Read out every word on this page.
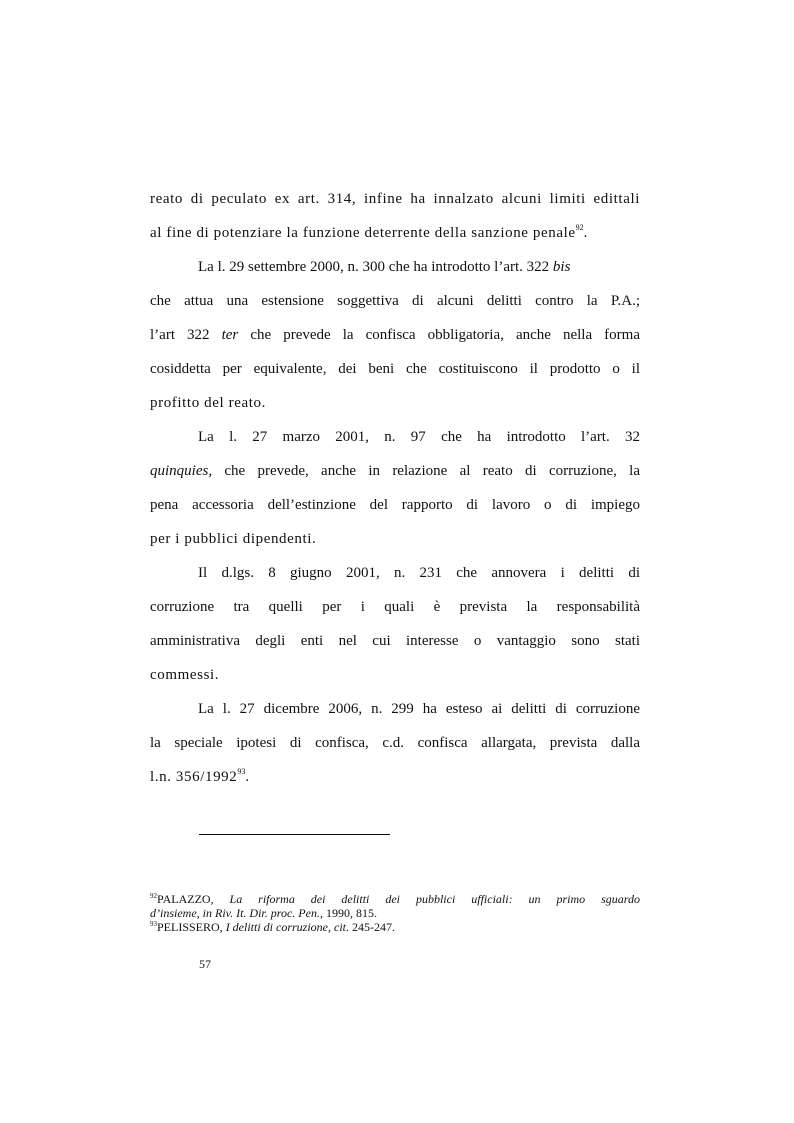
reato di peculato ex art. 314, infine ha innalzato alcuni limiti edittali
al fine di potenziare la funzione deterrente della sanzione penale$^{92}$.
La l. 29 settembre 2000, n. 300 che ha introdotto l’art. 322 bis
che attua una estensione soggettiva di alcuni delitti contro la P.A.;
l’art 322 ter che prevede la confisca obbligatoria, anche nella forma
cosiddetta per equivalente, dei beni che costituiscono il prodotto o il
profitto del reato.
La l. 27 marzo 2001, n. 97 che ha introdotto l’art. 32
quinquies, che prevede, anche in relazione al reato di corruzione, la
pena accessoria dell’estinzione del rapporto di lavoro o di impiego
per i pubblici dipendenti.
Il d.lgs. 8 giugno 2001, n. 231 che annovera i delitti di
corruzione tra quelli per i quali è prevista la responsabilità
amministrativa degli enti nel cui interesse o vantaggio sono stati
commessi.
La l. 27 dicembre 2006, n. 299 ha esteso ai delitti di corruzione
la speciale ipotesi di confisca, c.d. confisca allargata, prevista dalla
l.n. 356/1992$^{93}$.
$^{92}$PALAZZO, La riforma dei delitti dei pubblici ufficiali: un primo sguardo
d’insieme, in Riv. It. Dir. proc. Pen., 1990, 815.
$^{93}$PELISSERO, I delitti di corruzione, cit. 245-247.
57
